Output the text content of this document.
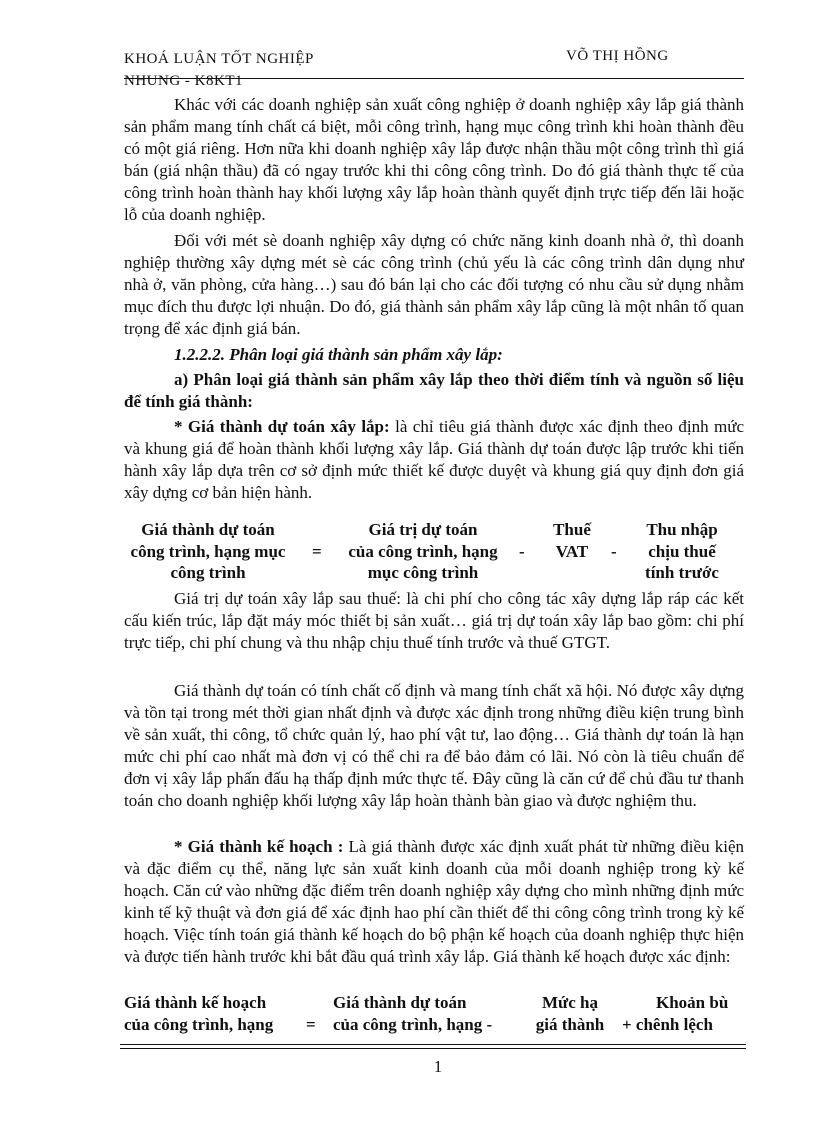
KHOÁ LUẬN TỐT NGHIỆP
NHUNG - K8KT1
VÕ THỊ HỒNG

Khác với các doanh nghiệp sản xuất công nghiệp ở doanh nghiệp xây lắp giá thành sản phẩm mang tính chất cá biệt, mỗi công trình, hạng mục công trình khi hoàn thành đều có một giá riêng. Hơn nữa khi doanh nghiệp xây lắp được nhận thầu một công trình thì giá bán (giá nhận thầu) đã có ngay trước khi thi công công trình. Do đó giá thành thực tế của công trình hoàn thành hay khối lượng xây lắp hoàn thành quyết định trực tiếp đến lãi hoặc lỗ của doanh nghiệp.

Đối với mét sè doanh nghiệp xây dựng có chức năng kinh doanh nhà ở, thì doanh nghiệp thường xây dựng mét sè các công trình (chủ yếu là các công trình dân dụng như nhà ở, văn phòng, cửa hàng…) sau đó bán lại cho các đối tượng có nhu cầu sử dụng nhằm mục đích thu được lợi nhuận. Do đó, giá thành sản phẩm xây lắp cũng là một nhân tố quan trọng để xác định giá bán.

1.2.2.2. Phân loại giá thành sản phẩm xây lắp:

a) Phân loại giá thành sản phẩm xây lắp theo thời điểm tính và nguồn số liệu để tính giá thành:

* Giá thành dự toán xây lắp: là chỉ tiêu giá thành được xác định theo định mức và khung giá để hoàn thành khối lượng xây lắp. Giá thành dự toán được lập trước khi tiến hành xây lắp dựa trên cơ sở định mức thiết kế được duyệt và khung giá quy định đơn giá xây dựng cơ bản hiện hành.

Giá thành dự toán
công trình, hạng mục
công trình
=
Giá trị dự toán
của công trình, hạng
mục công trình
-
Thuế
VAT	-
Thu nhập
chịu thuế
tính trước

Giá trị dự toán xây lắp sau thuế: là chi phí cho công tác xây dựng lắp ráp các kết cấu kiến trúc, lắp đặt máy móc thiết bị sản xuất… giá trị dự toán xây lắp bao gồm: chi phí trực tiếp, chi phí chung và thu nhập chịu thuế tính trước và thuế GTGT.

Giá thành dự toán có tính chất cố định và mang tính chất xã hội. Nó được xây dựng và tồn tại trong mét thời gian nhất định và được xác định trong những điều kiện trung bình về sản xuất, thi công, tổ chức quản lý, hao phí vật tư, lao động… Giá thành dự toán là hạn mức chi phí cao nhất mà đơn vị có thể chi ra để bảo đảm có lãi. Nó còn là tiêu chuẩn để đơn vị xây lắp phấn đấu hạ thấp định mức thực tế. Đây cũng là căn cứ để chủ đầu tư thanh toán cho doanh nghiệp khối lượng xây lắp hoàn thành bàn giao và được nghiệm thu.

* Giá thành kế hoạch : Là giá thành được xác định xuất phát từ những điều kiện và đặc điểm cụ thể, năng lực sản xuất kinh doanh của mỗi doanh nghiệp trong kỳ kế hoạch. Căn cứ vào những đặc điểm trên doanh nghiệp xây dựng cho mình những định mức kinh tế kỹ thuật và đơn giá để xác định hao phí cần thiết để thi công công trình trong kỳ kế hoạch. Việc tính toán giá thành kế hoạch do bộ phận kế hoạch của doanh nghiệp thực hiện và được tiến hành trước khi bắt đầu quá trình xây lắp. Giá thành kế hoạch được xác định:

Giá thành kế hoạch
của công trình, hạng =
Giá thành dự toán
của công trình, hạng -
Mức hạ
giá thành
Khoản bù
+ chênh lệch
1
